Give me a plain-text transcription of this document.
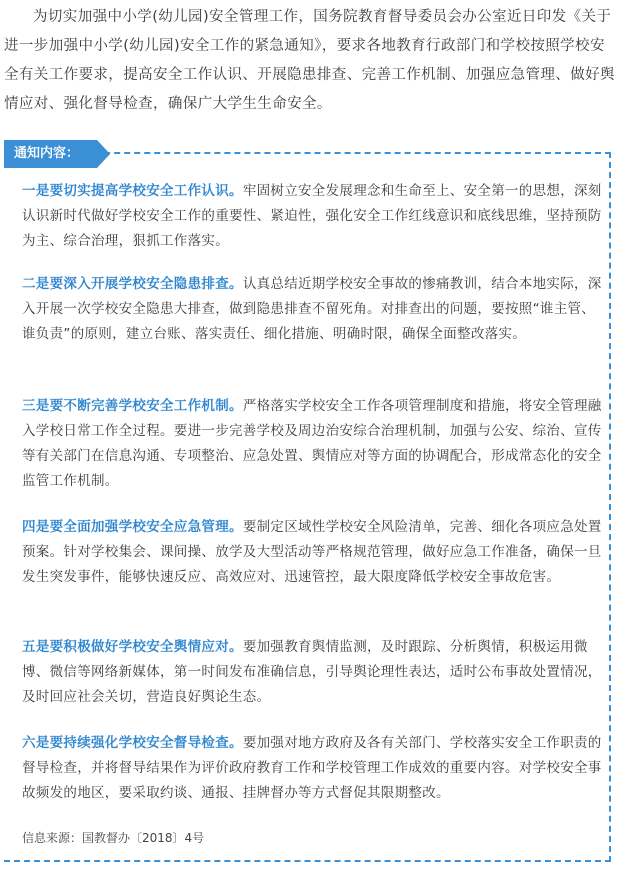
为切实加强中小学(幼儿园)安全管理工作，国务院教育督导委员会办公室近日印发《关于进一步加强中小学(幼儿园)安全工作的紧急通知》，要求各地教育行政部门和学校按照学校安全有关工作要求，提高安全工作认识、开展隐患排查、完善工作机制、加强应急管理、做好舆情应对、强化督导检查，确保广大学生生命安全。

通知内容：

一是要切实提高学校安全工作认识。牢固树立安全发展理念和生命至上、安全第一的思想，深刻认识新时代做好学校安全工作的重要性、紧迫性，强化安全工作红线意识和底线思维，坚持预防为主、综合治理，狠抓工作落实。

二是要深入开展学校安全隐患排查。认真总结近期学校安全事故的惨痛教训，结合本地实际，深入开展一次学校安全隐患大排查，做到隐患排查不留死角。对排查出的问题，要按照“谁主管、谁负责”的原则，建立台账、落实责任、细化措施、明确时限，确保全面整改落实。

三是要不断完善学校安全工作机制。严格落实学校安全工作各项管理制度和措施，将安全管理融入学校日常工作全过程。要进一步完善学校及周边治安综合治理机制，加强与公安、综治、宣传等有关部门在信息沟通、专项整治、应急处置、舆情应对等方面的协调配合，形成常态化的安全监管工作机制。

四是要全面加强学校安全应急管理。要制定区域性学校安全风险清单，完善、细化各项应急处置预案。针对学校集会、课间操、放学及大型活动等严格规范管理，做好应急工作准备，确保一旦发生突发事件，能够快速反应、高效应对、迅速管控，最大限度降低学校安全事故危害。

五是要积极做好学校安全舆情应对。要加强教育舆情监测，及时跟踪、分析舆情，积极运用微博、微信等网络新媒体，第一时间发布准确信息，引导舆论理性表达，适时公布事故处置情况，及时回应社会关切，营造良好舆论生态。

六是要持续强化学校安全督导检查。要加强对地方政府及各有关部门、学校落实安全工作职责的督导检查，并将督导结果作为评价政府教育工作和学校管理工作成效的重要内容。对学校安全事故频发的地区，要采取约谈、通报、挂牌督办等方式督促其限期整改。

信息来源：国教督办〔2018〕4号
